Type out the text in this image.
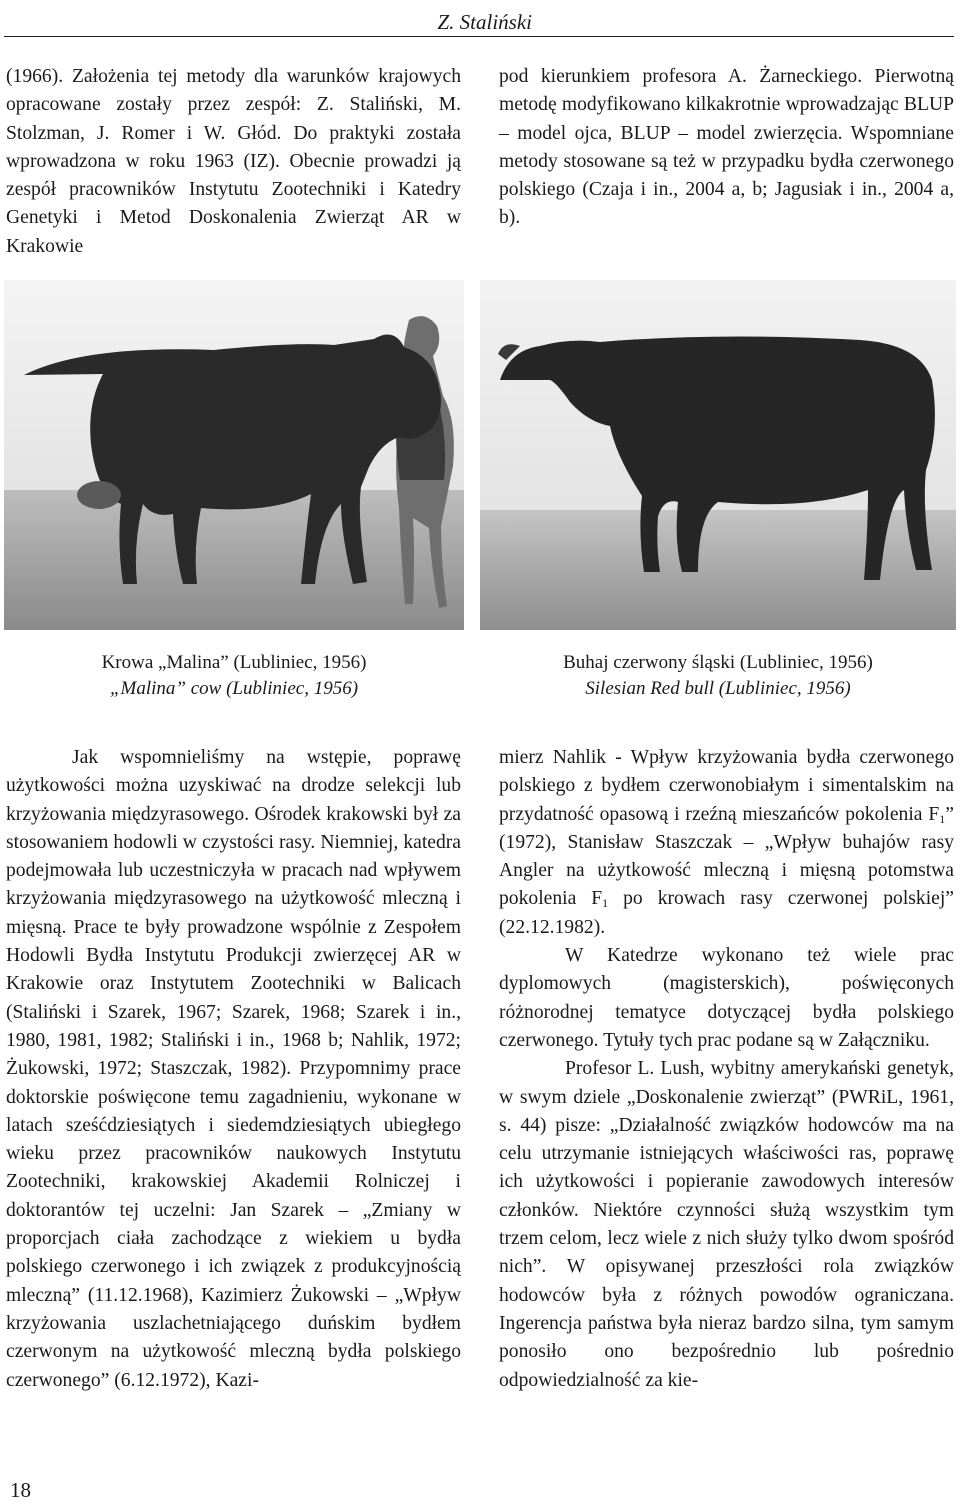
Z. Staliński

(1966). Założenia tej metody dla warunków krajowych opracowane zostały przez zespół: Z. Staliński, M. Stolzman, J. Romer i W. Głód. Do praktyki została wprowadzona w roku 1963 (IZ). Obecnie prowadzi ją zespół pracowników Instytutu Zootechniki i Katedry Genetyki i Metod Doskonalenia Zwierząt AR w Krakowie

pod kierunkiem profesora A. Żarneckiego. Pierwotną metodę modyfikowano kilkakrotnie wprowadzając BLUP – model ojca, BLUP – model zwierzęcia. Wspomniane metody stosowane są też w przypadku bydła czerwonego polskiego (Czaja i in., 2004 a, b; Jagusiak i in., 2004 a, b).

Krowa „Malina” (Lubliniec, 1956)
„Malina” cow (Lubliniec, 1956)
Buhaj czerwony śląski (Lubliniec, 1956)
Silesian Red bull (Lubliniec, 1956)

Jak wspomnieliśmy na wstępie, poprawę użytkowości można uzyskiwać na drodze selekcji lub krzyżowania międzyrasowego. Ośrodek krakowski był za stosowaniem hodowli w czystości rasy. Niemniej, katedra podejmowała lub uczestniczyła w pracach nad wpływem krzyżowania międzyrasowego na użytkowość mleczną i mięsną. Prace te były prowadzone wspólnie z Zespołem Hodowli Bydła Instytutu Produkcji zwierzęcej AR w Krakowie oraz Instytutem Zootechniki w Balicach (Staliński i Szarek, 1967; Szarek, 1968; Szarek i in., 1980, 1981, 1982; Staliński i in., 1968 b; Nahlik, 1972; Żukowski, 1972; Staszczak, 1982). Przypomnimy prace doktorskie poświęcone temu zagadnieniu, wykonane w latach sześćdziesiątych i siedemdziesiątych ubiegłego wieku przez pracowników naukowych Instytutu Zootechniki, krakowskiej Akademii Rolniczej i doktorantów tej uczelni: Jan Szarek – „Zmiany w proporcjach ciała zachodzące z wiekiem u bydła polskiego czerwonego i ich związek z produkcyjnością mleczną” (11.12.1968), Kazimierz Żukowski – „Wpływ krzyżowania uszlachetniającego duńskim bydłem czerwonym na użytkowość mleczną bydła polskiego czerwonego” (6.12.1972), Kazi-

mierz Nahlik - Wpływ krzyżowania bydła czerwonego polskiego z bydłem czerwonobiałym i simentalskim na przydatność opasową i rzeźną mieszańców pokolenia $F_1$” (1972), Stanisław Staszczak – „Wpływ buhajów rasy Angler na użytkowość mleczną i mięsną potomstwa pokolenia $F_1$ po krowach rasy czerwonej polskiej” (22.12.1982).

W Katedrze wykonano też wiele prac dyplomowych (magisterskich), poświęconych różnorodnej tematyce dotyczącej bydła polskiego czerwonego. Tytuły tych prac podane są w Załączniku.

Profesor L. Lush, wybitny amerykański genetyk, w swym dziele „Doskonalenie zwierząt” (PWRiL, 1961, s. 44) pisze: „Działalność związków hodowców ma na celu utrzymanie istniejących właściwości ras, poprawę ich użytkowości i popieranie zawodowych interesów członków. Niektóre czynności służą wszystkim tym trzem celom, lecz wiele z nich służy tylko dwom spośród nich”. W opisywanej przeszłości rola związków hodowców była z różnych powodów ograniczana. Ingerencja państwa była nieraz bardzo silna, tym samym ponosiło ono bezpośrednio lub pośrednio odpowiedzialność za kie-

18
